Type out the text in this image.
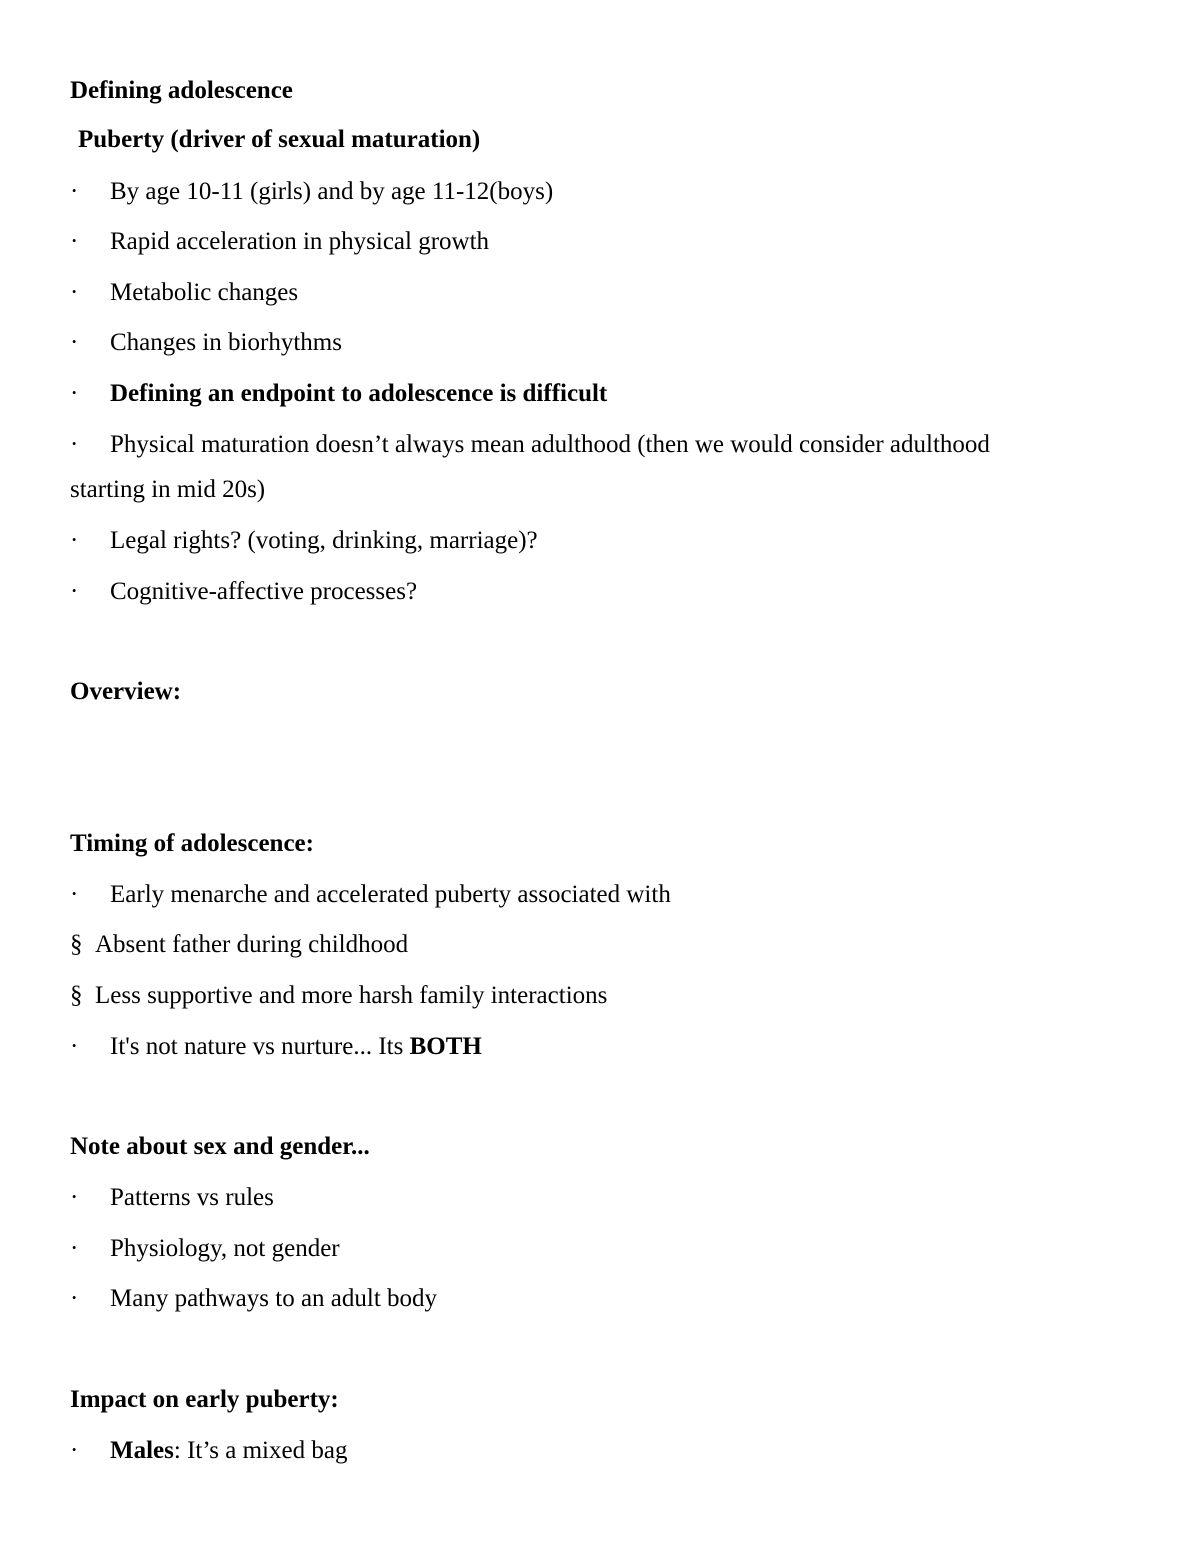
Defining adolescence
Puberty (driver of sexual maturation)
· By age 10-11 (girls) and by age 11-12(boys)
· Rapid acceleration in physical growth
· Metabolic changes
· Changes in biorhythms
· Defining an endpoint to adolescence is difficult
· Physical maturation doesn’t always mean adulthood (then we would consider adulthood
starting in mid 20s)
· Legal rights? (voting, drinking, marriage)?
· Cognitive-affective processes?
Overview:
Timing of adolescence:
· Early menarche and accelerated puberty associated with
§ Absent father during childhood
§ Less supportive and more harsh family interactions
· It's not nature vs nurture... Its BOTH
Note about sex and gender...
· Patterns vs rules
· Physiology, not gender
· Many pathways to an adult body
Impact on early puberty:
· Males: It’s a mixed bag
